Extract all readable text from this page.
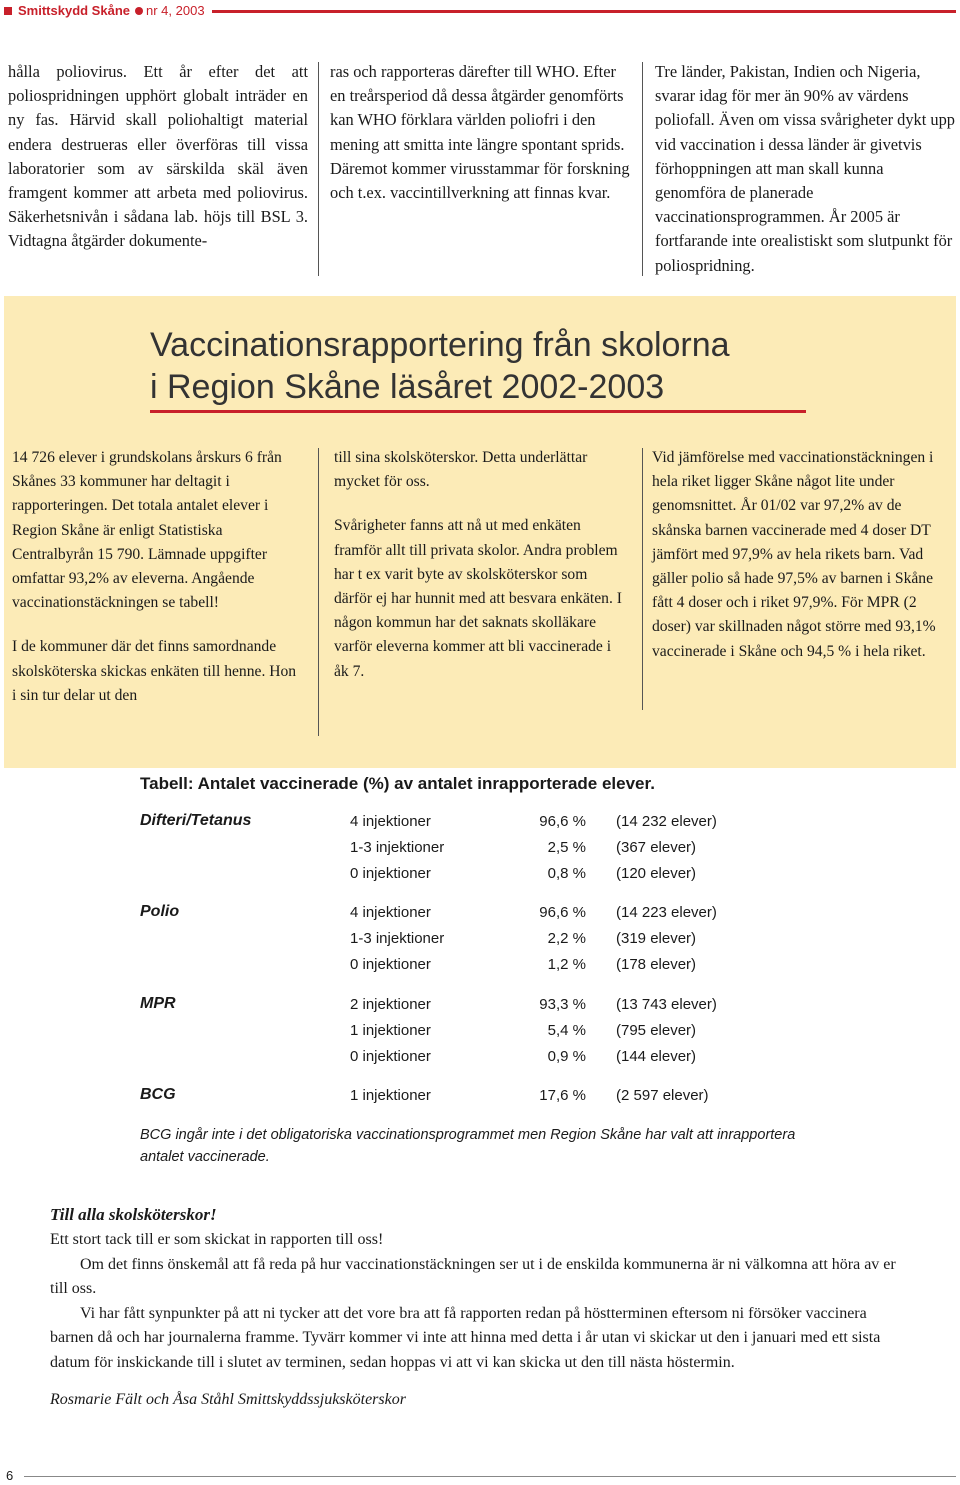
Smittskydd Skåne nr 4, 2003

hålla poliovirus. Ett år efter det att poliospridningen upphört globalt inträder en ny fas. Härvid skall poliohaltigt material endera destrueras eller överföras till vissa laboratorier som av särskilda skäl även framgent kommer att arbeta med poliovirus. Säkerhetsnivån i sådana lab. höjs till BSL 3. Vidtagna åtgärder dokumente-

ras och rapporteras därefter till WHO. Efter en treårsperiod då dessa åtgärder genomförts kan WHO förklara världen poliofri i den mening att smitta inte längre spontant sprids. Däremot kommer virusstammar för forskning och t.ex. vaccintillverkning att finnas kvar.

Tre länder, Pakistan, Indien och Nigeria, svarar idag för mer än 90% av värdens poliofall. Även om vissa svårigheter dykt upp vid vaccination i dessa länder är givetvis förhoppningen att man skall kunna genomföra de planerade vaccinationsprogrammen. År 2005 är fortfarande inte orealistiskt som slutpunkt för poliospridning.

Vaccinationsrapportering från skolorna
i Region Skåne läsåret 2002-2003

14 726 elever i grundskolans årskurs 6 från Skånes 33 kommuner har deltagit i rapporteringen. Det totala antalet elever i Region Skåne är enligt Statistiska Centralbyrån 15 790. Lämnade uppgifter omfattar 93,2% av eleverna. Angående vaccinationstäckningen se tabell!

I de kommuner där det finns samordnande skolsköterska skickas enkäten till henne. Hon i sin tur delar ut den

till sina skolsköterskor. Detta underlättar mycket för oss.

Svårigheter fanns att nå ut med enkäten framför allt till privata skolor. Andra problem har t ex varit byte av skolsköterskor som därför ej har hunnit med att besvara enkäten. I någon kommun har det saknats skolläkare varför eleverna kommer att bli vaccinerade i åk 7.

Vid jämförelse med vaccinationstäckningen i hela riket ligger Skåne något lite under genomsnittet. År 01/02 var 97,2% av de skånska barnen vaccinerade med 4 doser DT jämfört med 97,9% av hela rikets barn. Vad gäller polio så hade 97,5% av barnen i Skåne fått 4 doser och i riket 97,9%. För MPR (2 doser) var skillnaden något större med 93,1% vaccinerade i Skåne och 94,5 % i hela riket.

Tabell: Antalet vaccinerade (%) av antalet inrapporterade elever.
Difteri/Tetanus	4 injektioner	96,6 % (14 232 elever)
1-3 injektioner	2,5 % (367 elever)
0 injektioner	0,8 % (120 elever)
Polio	4 injektioner	96,6 % (14 223 elever)
1-3 injektioner	2,2 % (319 elever)
0 injektioner	1,2 % (178 elever)
MPR	2 injektioner	93,3 % (13 743 elever)
1 injektioner	5,4 % (795 elever)
0 injektioner	0,9 % (144 elever)
BCG	1 injektioner	17,6 % (2 597 elever)
BCG ingår inte i det obligatoriska vaccinationsprogrammet men Region Skåne har valt att inrapportera antalet vaccinerade.

Till alla skolsköterskor!

Ett stort tack till er som skickat in rapporten till oss!

Om det finns önskemål att få reda på hur vaccinationstäckningen ser ut i de enskilda kommunerna är ni välkomna att höra av er till oss.

Vi har fått synpunkter på att ni tycker att det vore bra att få rapporten redan på höstterminen eftersom ni försöker vaccinera barnen då och har journalerna framme. Tyvärr kommer vi inte att hinna med detta i år utan vi skickar ut den i januari med ett sista datum för inskickande till i slutet av terminen, sedan hoppas vi att vi kan skicka ut den till nästa höstermin.

Rosmarie Fält och Åsa Ståhl Smittskyddssjuksköterskor

6
